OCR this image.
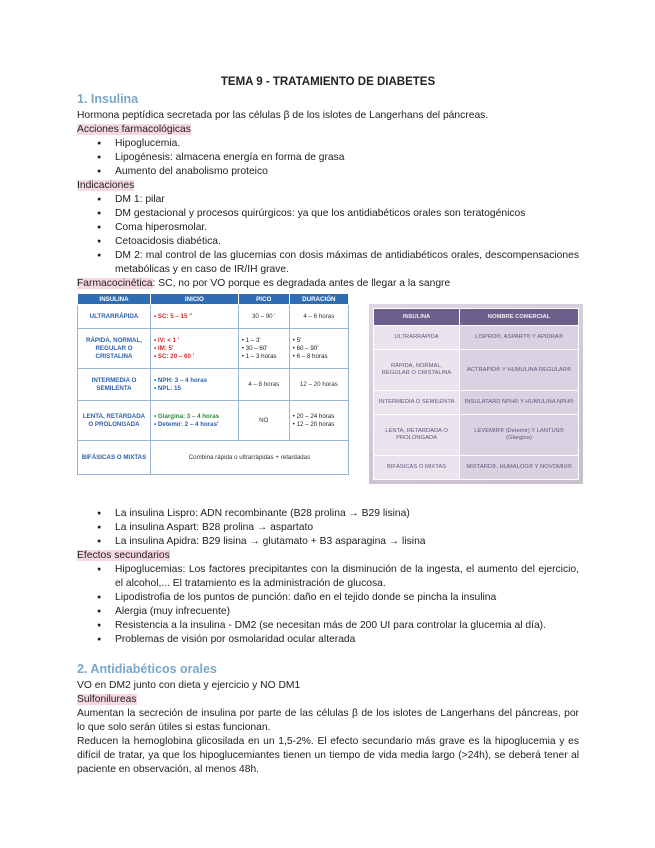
TEMA 9 - TRATAMIENTO DE DIABETES
1. Insulina

Hormona peptídica secretada por las células β de los islotes de Langerhans del páncreas.

Acciones farmacológicas

● Hipoglucemia.
● Lipogénesis: almacena energía en forma de grasa
● Aumento del anabolismo proteico

Indicaciones

● DM 1: pilar
● DM gestacional y procesos quirúrgicos: ya que los antidiabéticos orales son teratogénicos
● Coma hiperosmolar.
● Cetoacidosis diabética.
● DM 2: mal control de las glucemias con dosis máximas de antidiabéticos orales, descompensaciones metabólicas y en caso de IR/IH grave.

Farmacocinética: SC, no por VO porque es degradada antes de llegar a la sangre

INSULINA	INICIO	PICO	DURACIÓN
ULTRARRÁPIDA	• SC: 5 – 15 ''	30 – 90 '	4 – 6 horas
RÁPIDA, NORMAL, REGULAR O CRISTALINA	• IV: < 1 '
• IM: 5'
• SC: 20 – 60 '	• 1 – 3'
• 30 – 60'
• 1 – 3 horas	• 5'
• 60 – 90'
• 6 – 8 horas

INTERMEDIA O SEMILENTA	• NPH: 3 – 4 horas
• NPL: 15	4 – 8 horas	12 – 20 horas
LENTA, RETARDADA O PROLONGADA	• Glargina: 3 – 4 horas
• Detemir: 2 – 4 horas'	NO	• 20 – 24 horas
• 12 – 20 horas

BIFÁSICAS O MIXTAS	Combina rápida o ultrarrápidas + retardadas		
INSULINA	NOMBRE COMERCIAL
ULTRARRÁPIDA	LISPRO®, ASPART® Y APIDRA®
RÁPIDA, NORMAL, REGULAR O CRISTALINA	ACTRAPID® Y HUMULINA REGULAR®
INTERMEDIA O SEMILENTA	INSULATARD NPH® Y HUMULINA NPH®
LENTA, RETARDADA O PROLONGADA	LEVEMIR® (Detemir) Y LANTUS® (Glargina)
BIFÁSICAS O MIXTAS	MIXTARD®, HUMALOG® Y NOVOMIX®
● La insulina Lispro: ADN recombinante (B28 prolina → B29 lisina)
● La insulina Aspart: B28 prolina → aspartato
● La insulina Apidra: B29 lisina → glutamato + B3 asparagina → lisina

Efectos secundarios

● Hipoglucemias: Los factores precipitantes con la disminución de la ingesta, el aumento del ejercicio, el alcohol,... El tratamiento es la administración de glucosa.
● Lipodistrofia de los puntos de punción: daño en el tejido donde se pincha la insulina
● Alergia (muy infrecuente)
● Resistencia a la insulina - DM2 (se necesitan más de 200 UI para controlar la glucemia al día).
● Problemas de visión por osmolaridad ocular alterada
2. Antidiabéticos orales

VO en DM2 junto con dieta y ejercicio y NO DM1

Sulfonilureas

Aumentan la secreción de insulina por parte de las células β de los islotes de Langerhans del páncreas, por lo que solo serán útiles si estas funcionan.

Reducen la hemoglobina glicosilada en un 1,5-2%. El efecto secundario más grave es la hipoglucemia y es difícil de tratar, ya que los hipoglucemiantes tienen un tiempo de vida media largo (>24h), se deberá tener al paciente en observación, al menos 48h.
